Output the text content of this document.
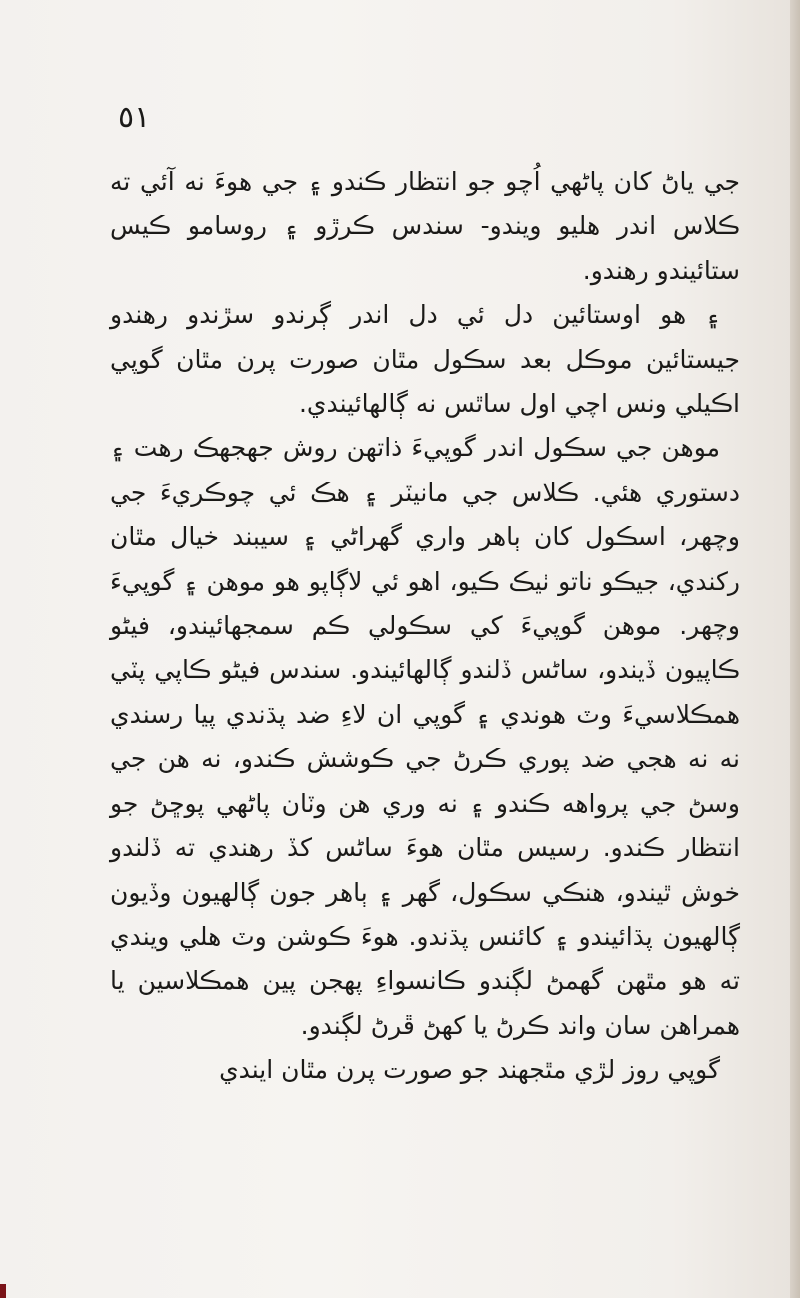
٥١

جي ياڻ کان پاڻهي اُچو جو انتظار ڪندو ۽ جي هوءَ نه آئي ته ڪلاس اندر هليو ويندو- سندس ڪرڙو ۽ روسامو ڪيس ستائيندو رهندو.

۽ هو اوستائين دل ئي دل اندر ڳرندو سڙندو رهندو جيستائين موڪل بعد سڪول مٿان صورت پرن مٿان گوپي اڪيلي ونس اچي اول ساٿس نه ڳالهائيندي.

موهن جي سڪول اندر گوپيءَ ذاتهن روش جهجهڪ رهت ۽ دستوري هئي. ڪلاس جي مانيٽر ۽ هڪ ئي چوڪريءَ جي وچهر، اسڪول کان ٻاهر واري گهراڻي ۽ سيبند خيال مٿان رکندي، جيڪو ناتو ٺيڪ ڪيو، اهو ئي لاڳاپو هو موهن ۽ گوپيءَ وچهر. موهن گوپيءَ کي سڪولي ڪم سمجهائيندو، فيڻو ڪاپيون ڏيندو، ساڻس ڏلندو ڳالهائيندو. سندس فيڻو ڪاپي پٽي همڪلاسيءَ وٽ هوندي ۽ گوپي ان لاءِ ضد پڌندي پيا رسندي نه نه هجي ضد پوري ڪرڻ جي ڪوشش ڪندو، نه هن جي وسڻ جي پرواهه ڪندو ۽ نه وري هن وٽان پاڻهي پوڇڻ جو انتظار ڪندو. رسيس مٿان هوءَ ساڻس کڏ رهندي ته ڏلندو خوش ٿيندو، هنڪي سڪول، گهر ۽ ٻاهر جون ڳالهيون وڏيون ڳالهيون پڌائيندو ۽ کائنس پڌندو. هوءَ ڪوشن وٽ هلي ويندي ته هو مٿهن گهمڻ لڳندو ڪانسواءِ پهجن پين همڪلاسين يا همراهن سان واند ڪرڻ يا کهڻ ڦرڻ لڳندو.

گوپي روز لڙي مٿجهند جو صورت پرن مٿان ايندي
